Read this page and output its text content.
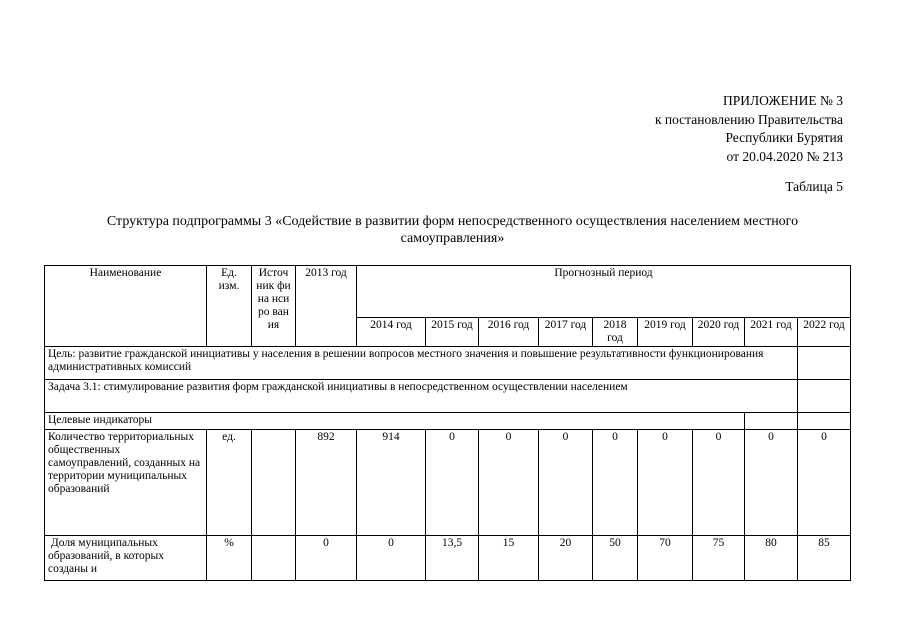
ПРИЛОЖЕНИЕ № 3
к постановлению Правительства
Республики Бурятия
от 20.04.2020 № 213
Таблица 5
Структура подпрограммы 3 «Содействие в развитии форм непосредственного осуществления населением местного самоуправления»
Наименование	Ед. изм.	Источ ник фина нсиро вания	2013 год	Прогнозный период								
				2014 год	2015 год	2016 год	2017 год	2018 год	2019 год	2020 год	2021 год	2022 год
Цель: развитие гражданской инициативы у населения в решении вопросов местного значения и повышение результативности функционирования административных комиссий												
Задача 3.1: стимулирование развития форм гражданской инициативы в непосредственном осуществлении населением												
Целевые индикаторы												
Количество территориальных общественных самоуправлений, созданных на территории муниципальных образований	ед.		892	914	0	0	0	0	0	0	0	0
Доля муниципальных образований, в которых созданы и	%		0	0	13,5	15	20	50	70	75	80	85
